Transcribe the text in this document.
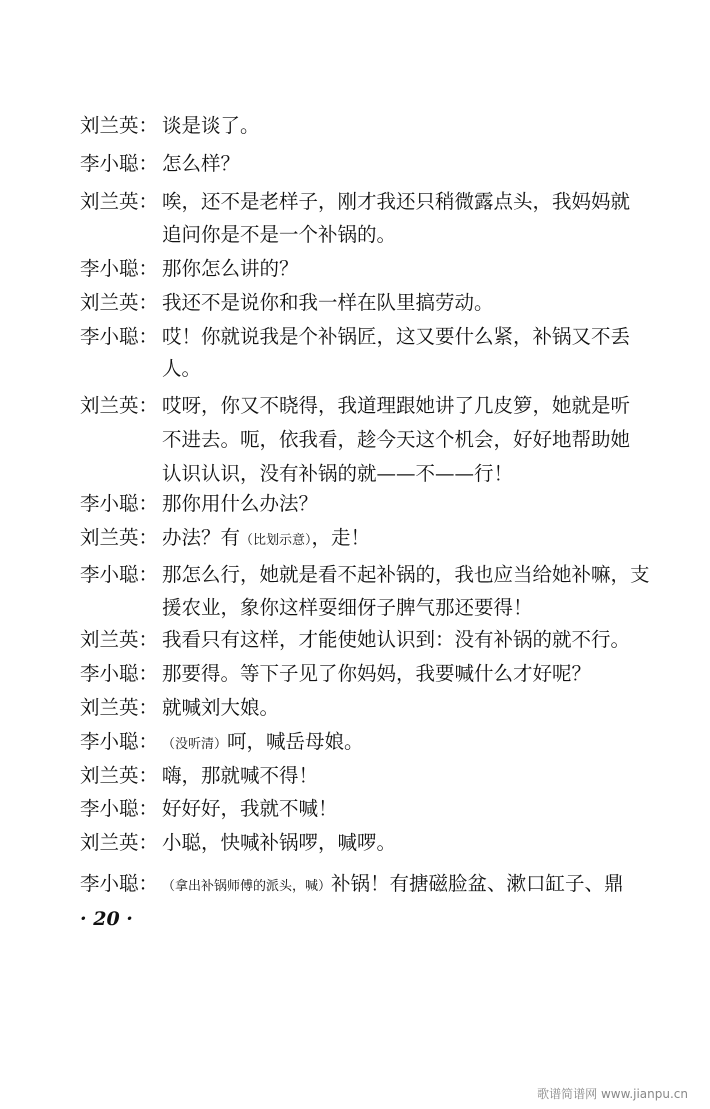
刘兰英： 谈是谈了。
李小聪： 怎么样？
刘兰英： 唉，还不是老样子，刚才我还只稍微露点头，我妈妈就
追问你是不是一个补锅的。
李小聪： 那你怎么讲的？
刘兰英： 我还不是说你和我一样在队里搞劳动。
李小聪： 哎！你就说我是个补锅匠，这又要什么紧，补锅又不丢
人。
刘兰英： 哎呀，你又不晓得，我道理跟她讲了几皮箩，她就是听
不进去。呃，依我看，趁今天这个机会，好好地帮助她
认识认识，没有补锅的就——不——行！
李小聪： 那你用什么办法？
刘兰英： 办法？有（比划示意），走！
李小聪： 那怎么行，她就是看不起补锅的，我也应当给她补嘛，支
援农业，象你这样耍细伢子脾气那还要得！
刘兰英： 我看只有这样，才能使她认识到：没有补锅的就不行。
李小聪： 那要得。等下子见了你妈妈，我要喊什么才好呢？
刘兰英： 就喊刘大娘。
李小聪： （没听清）呵，喊岳母娘。
刘兰英： 嗨，那就喊不得！
李小聪： 好好好，我就不喊！
刘兰英： 小聪，快喊补锅啰，喊啰。
李小聪： （拿出补锅师傅的派头，喊）补锅！有搪磁脸盆、漱口缸子、鼎
· 20 ·
歌谱简谱网 www.jianpu.cn
